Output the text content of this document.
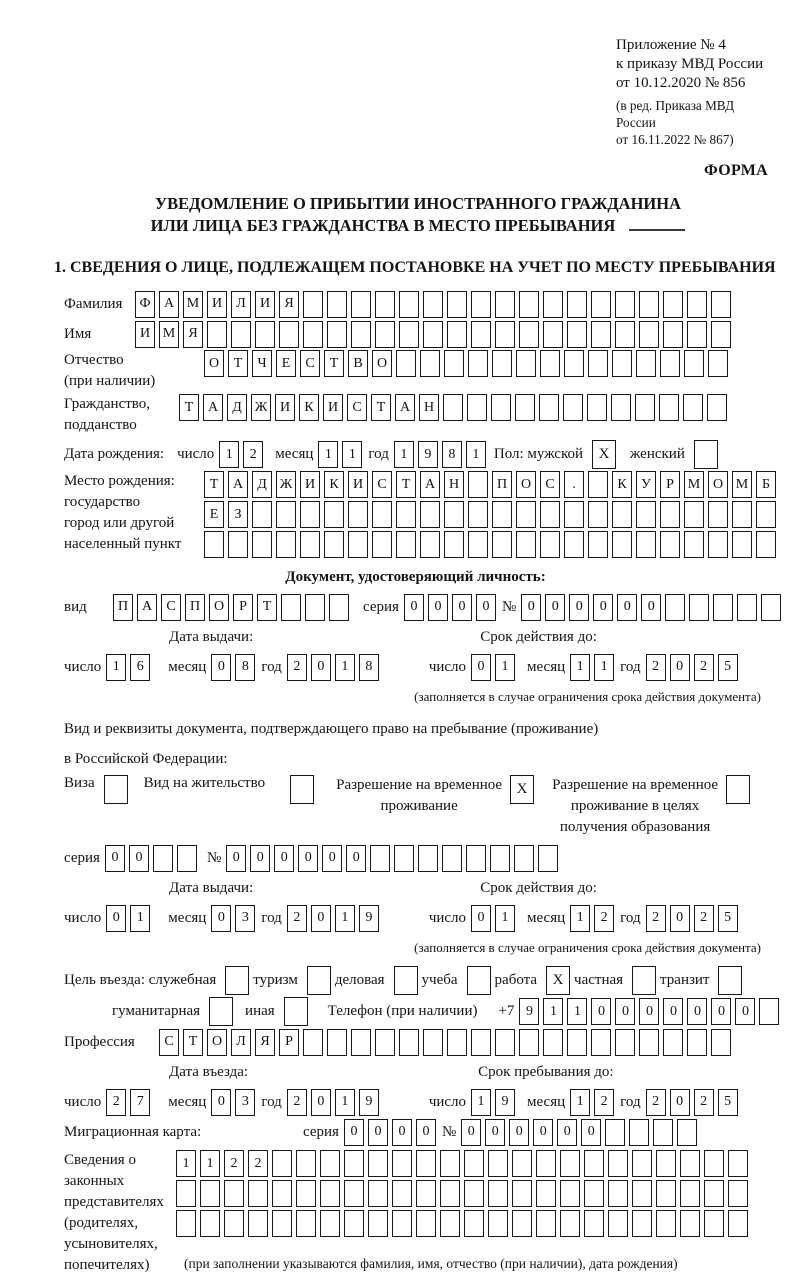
Приложение № 4
к приказу МВД России
от 10.12.2020 № 856
(в ред. Приказа МВД России
от 16.11.2022 № 867)
ФОРМА
УВЕДОМЛЕНИЕ О ПРИБЫТИИ ИНОСТРАННОГО ГРАЖДАНИНА
ИЛИ ЛИЦА БЕЗ ГРАЖДАНСТВА В МЕСТО ПРЕБЫВАНИЯ
1. СВЕДЕНИЯ О ЛИЦЕ, ПОДЛЕЖАЩЕМ ПОСТАНОВКЕ НА УЧЕТ ПО МЕСТУ ПРЕБЫВАНИЯ
Фамилия	Ф А М И	Л	И	Я
Имя	И М Я
Отчество
(при наличии)
О	Т	Ч	Е	С	Т	В	О
Гражданство,
подданство
Т	А	Д Ж И	К	И	С	Т	А Н
Дата рождения: число 1	2	месяц 1	1 год 1	9	8	1 Пол: мужской	X	женский
Место рождения:
государство
город или другой
населенный пункт
Т	А	Д Ж И	К	И	С	Т	А Н	П О	С	.	К	У	Р М О М Б
Е	З
Документ, удостоверяющий личность:
вид	П А	С	П О	Р	Т	серия 0	0	0	0 № 0	0	0	0	0	0
Дата выдачи:	Срок действия до:
число 1	6	месяц 0	8 год 2	0	1	8	число 0	1	месяц 1	1 год 2	0	2	5
(заполняется в случае ограничения срока действия документа)
Вид и реквизиты документа, подтверждающего право на пребывание (проживание)
в Российской Федерации:
Виза	Вид на жительство	Разрешение на временное
проживание
X	Разрешение на временное
проживание в целях
получения образования
серия 0	0	№ 0	0	0	0	0	0
Дата выдачи:	Срок действия до:
число 0	1	месяц 0	3 год 2	0	1	9	число 0	1	месяц 1	2 год 2	0	2	5
(заполняется в случае ограничения срока действия документа)
Цель въезда: служебная туризм деловая учеба работа	X частная транзит
гуманитарная	иная	Телефон (при наличии) +7 9	1	1	0	0	0	0	0	0	0
Профессия	С	Т	О	Л	Я	Р
Дата въезда:	Срок пребывания до:
число 2	7	месяц 0	3 год 2	0	1	9	число 1	9	месяц 1	2 год 2	0	2	5
Миграционная карта:	серия 0	0	0	0 № 0	0	0	0	0	0
Сведения о
законных
представителях
(родителях,
усыновителях,
попечителях)
1	1	2	2
(при заполнении указываются фамилия, имя, отчество (при наличии), дата рождения)
